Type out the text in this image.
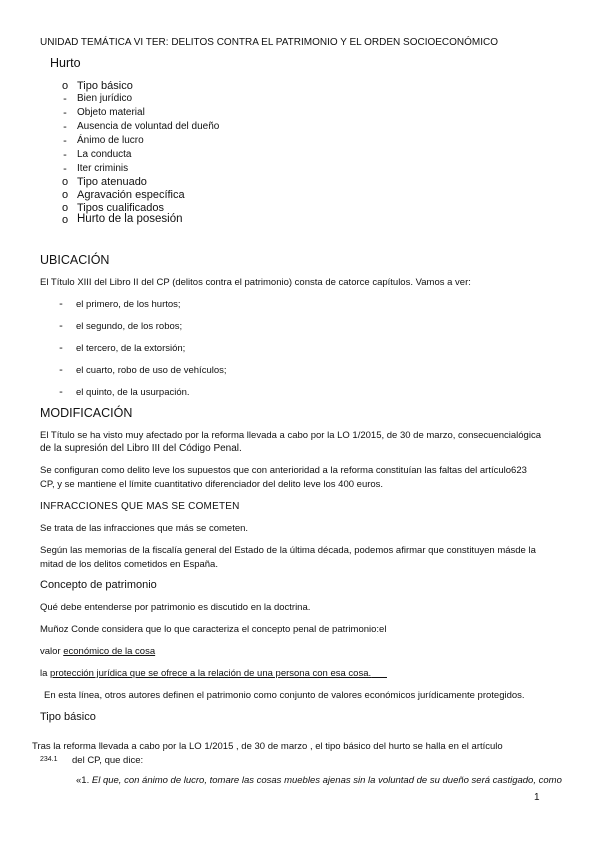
UNIDAD TEMÁTICA VI TER: DELITOS CONTRA EL PATRIMONIO Y EL ORDEN SOCIOECONÓMICO
Hurto
o Tipo básico
-	Bien jurídico
-	Objeto material
-	Ausencia de voluntad del dueño
-	Ánimo de lucro
-	La conducta
-	Iter criminis
o Tipo atenuado
o Agravación específica
o Tipos cualificados
o Hurto de la posesión
UBICACIÓN
El Título XIII del Libro II del CP (delitos contra el patrimonio) consta de catorce capítulos. Vamos a ver:
-	el primero, de los hurtos;
-	el segundo, de los robos;
-	el tercero, de la extorsión;
-	el cuarto, robo de uso de vehículos;
-	el quinto, de la usurpación.
MODIFICACIÓN
El Título se ha visto muy afectado por la reforma llevada a cabo por la LO 1/2015, de 30 de marzo, consecuencialógica
de la supresión del Libro III del Código Penal.
Se configuran como delito leve los supuestos que con anterioridad a la reforma constituían las faltas del artículo623
CP, y se mantiene el límite cuantitativo diferenciador del delito leve los 400 euros.
INFRACCIONES QUE MAS SE COMETEN
Se trata de las infracciones que más se cometen.
Según las memorias de la fiscalía general del Estado de la última década, podemos afirmar que constituyen másde la
mitad de los delitos cometidos en España.
Concepto de patrimonio
Qué debe entenderse por patrimonio es discutido en la doctrina.
Muñoz Conde considera que lo que caracteriza el concepto penal de patrimonio:el
valor económico de la cosa
la protección jurídica que se ofrece a la relación de una persona con esa cosa.
En esta línea, otros autores definen el patrimonio como conjunto de valores económicos jurídicamente protegidos.
Tipo básico
Tras la reforma llevada a cabo por la LO 1/2015 , de 30 de marzo , el tipo básico del hurto se halla en el artículo
234.1 del CP, que dice:
«1. El que, con ánimo de lucro, tomare las cosas muebles ajenas sin la voluntad de su dueño será castigado, como
1
